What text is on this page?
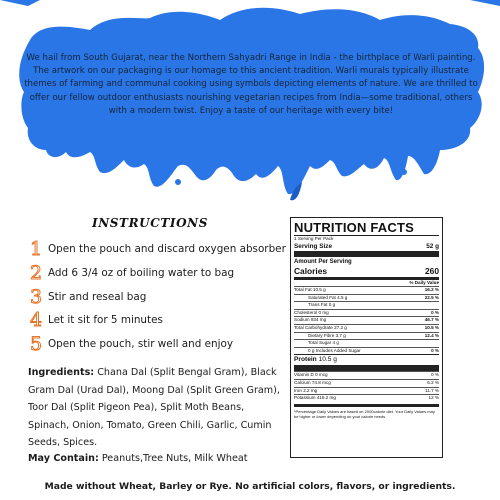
We hail from South Gujarat, near the Northern Sahyadri Range in India - the birthplace of Warli painting. The artwork on our packaging is our homage to this ancient tradition. Warli murals typically illustrate themes of farming and communal cooking using symbols depicting elements of nature. We are thrilled to offer our fellow outdoor enthusiasts nourishing vegetarian recipes from India—some traditional, others with a modern twist. Enjoy a taste of our heritage with every bite!
INSTRUCTIONS
1 Open the pouch and discard oxygen absorber
2 Add 6 3/4 oz of boiling water to bag
3 Stir and reseal bag
4 Let it sit for 5 minutes
5 Open the pouch, stir well and enjoy
Ingredients: Chana Dal (Split Bengal Gram), Black Gram Dal (Urad Dal), Moong Dal (Split Green Gram), Toor Dal (Split Pigeon Pea), Split Moth Beans, Spinach, Onion, Tomato, Green Chili, Garlic, Cumin Seeds, Spices.
May Contain: Peanuts,Tree Nuts, Milk Wheat
Made without Wheat, Barley or Rye. No artificial colors, flavors, or ingredients.
NUTRITION FACTS
1 Serving Per Pack
Serving Size	52 g
Amount Per Serving
Calories	260
% Daily Value
Total Fat 10.5 g	16.2 %
Saturated Fat 4.5 g	22.5 %
Trans Fat 0 g
Cholesterol 0 mg	0 %
Sodium 934 mg	46.7 %
Total Carbohydrate 27.2 g	10.5 %
Dietary Fibre 3.7 g	12.4 %
Total Sugar 4 g
0 g Includes Added Sugar	0 %
Protein 10.5 g
Vitamin D 0 mcg	0 %
Calcium 74.8 mcg	6.2 %
Iron 2.2 mg	11.7 %
Potassium 419.2 mg	12 %
*Percentage Daily Values are based on 2000calorie diet. Your Daily Values may be higher or lower depending on your calorie needs
